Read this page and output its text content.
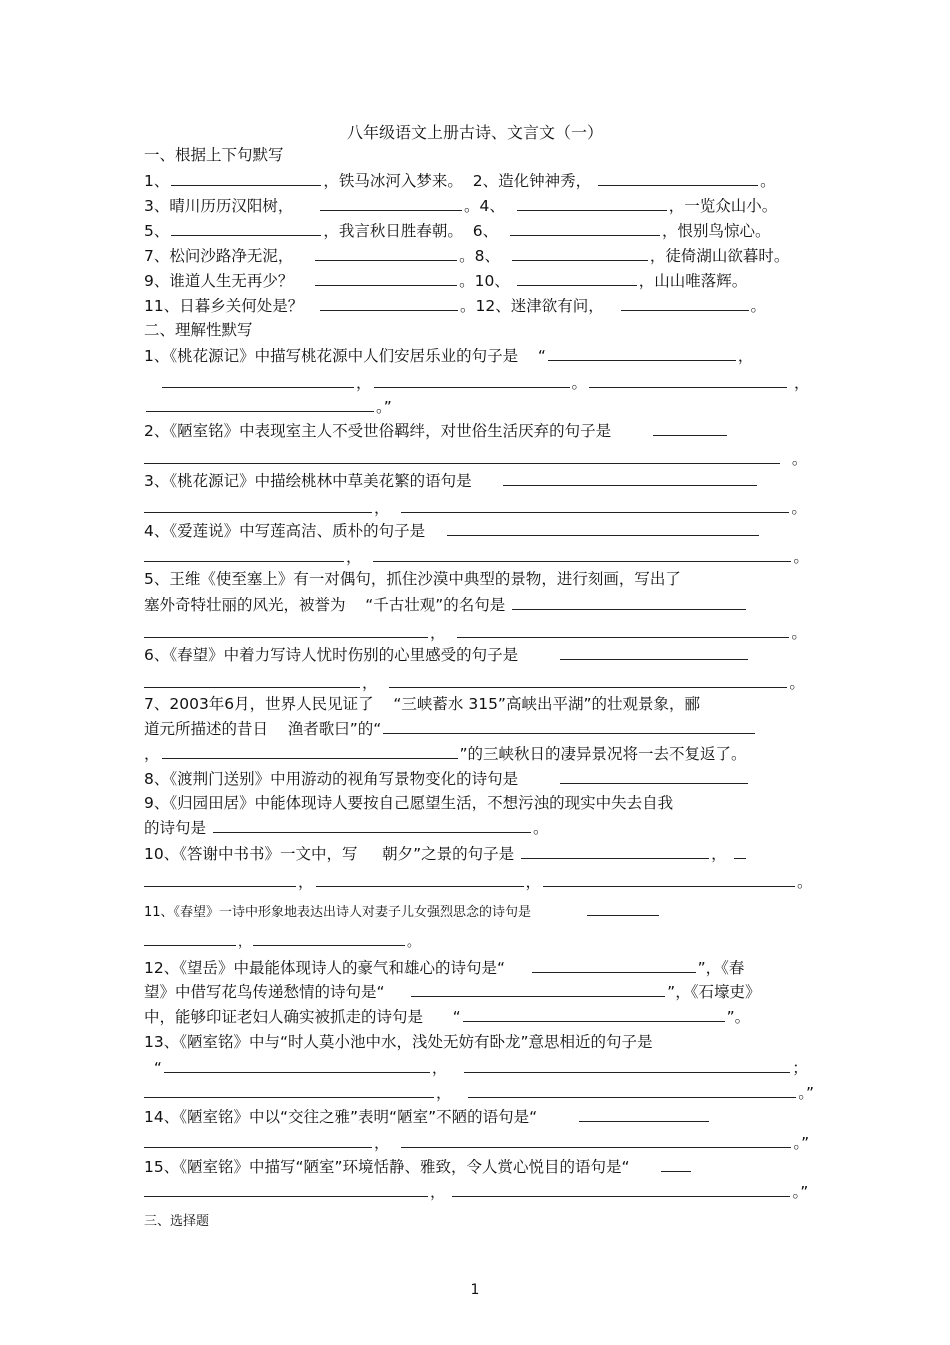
八年级语文上册古诗、文言文（一）
一、根据上下句默写
1、	，铁马冰河入梦来。 2、造化钟神秀，	。
3、晴川历历汉阳树，	。4、	，一览众山小。
5、	，我言秋日胜春朝。 6、	，恨别鸟惊心。
7、松问沙路净无泥，	。8、	，徒倚湖山欲暮时。
9、谁道人生无再少？	。10、	，山山唯落辉。
11、日暮乡关何处是？	。12、迷津欲有问，	。
二、理解性默写
1、《桃花源记》中描写桃花源中人们安居乐业的句子是 “	，
，	。	，
。”
2、《陋室铭》中表现室主人不受世俗羁绊，对世俗生活厌弃的句子是
。
3、《桃花源记》中描绘桃林中草美花繁的语句是
，	。
4、《爱莲说》中写莲高洁、质朴的句子是
，	。
5、王维《使至塞上》有一对偶句，抓住沙漠中典型的景物，进行刻画，写出了
塞外奇特壮丽的风光，被誉为 “千古壮观”的名句是
，	。
6、《春望》中着力写诗人忧时伤别的心里感受的句子是
，	。
7、2003年6月，世界人民见证了 “三峡蓄水 315”高峡出平湖”的壮观景象，郦
道元所描述的昔日 渔者歌曰”的“
，	”的三峡秋日的凄异景况将一去不复返了。
8、《渡荆门送别》中用游动的视角写景物变化的诗句是
9、《归园田居》中能体现诗人要按自己愿望生活，不想污浊的现实中失去自我
的诗句是	。
10、《答谢中书书》一文中，写 朝夕”之景的句子是	，
，	，	。
11、《春望》一诗中形象地表达出诗人对妻子儿女强烈思念的诗句是
，	。
12、《望岳》中最能体现诗人的豪气和雄心的诗句是“	”，《春
望》中借写花鸟传递愁情的诗句是“	”，《石壕吏》
中，能够印证老妇人确实被抓走的诗句是 “	”。
13、《陋室铭》中与“时人莫小池中水，浅处无妨有卧龙”意思相近的句子是
“	，	；
，	。”
14、《陋室铭》中以“交往之雅”表明“陋室”不陋的语句是“
，	。”
15、《陋室铭》中描写“陋室”环境恬静、雅致，令人赏心悦目的语句是“
，	。”
三、选择题
1
